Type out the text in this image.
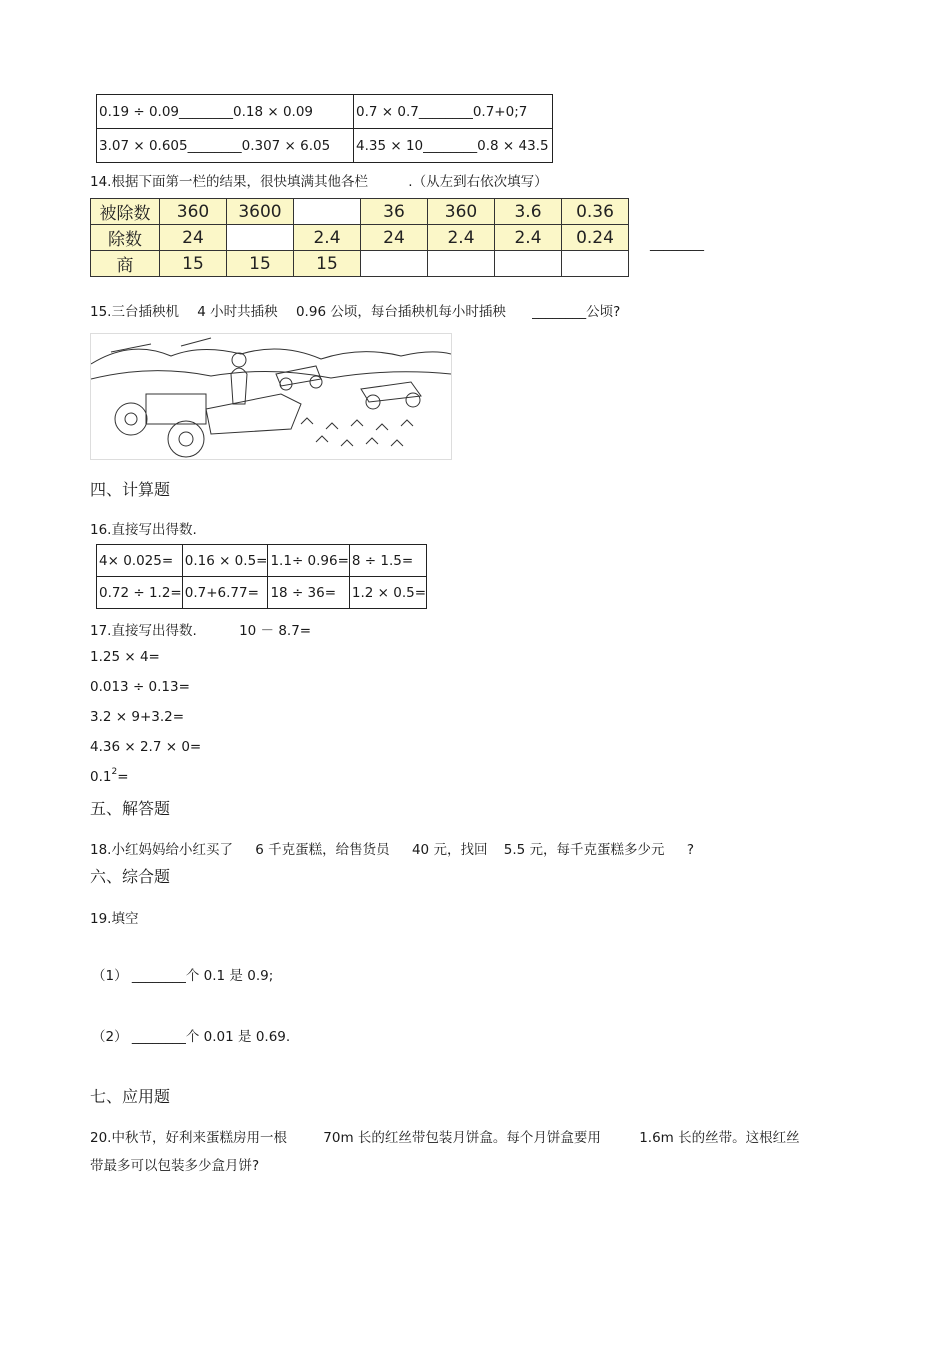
0.19 ÷ 0.09________0.18 ⨯ 0.09	0.7 × 0.7________0.7+0;7
3.07 × 0.605________0.307 ⨯ 6.05	4.35 × 10________0.8 × 43.5
14.根据下面第一栏的结果，很快填满其他各栏	.（从左到右依次填写）
被除数	360	3600		36	360	3.6	0.36
除数	24		2.4	24	2.4	2.4	0.24
商	15	15	15				
________
15.三台插秧机 4 小时共插秧 0.96 公顷，每台插秧机每小时插秧 ________公顷?
四、计算题
16.直接写出得数.
4× 0.025=	0.16 × 0.5=	1.1÷ 0.96=	8 ÷ 1.5=
0.72 ÷ 1.2=	0.7+6.77=	18 ÷ 36=	1.2 × 0.5=
17.直接写出得数.	10 － 8.7=
1.25 × 4=
0.013 ÷ 0.13=
3.2 × 9+3.2=
4.36 × 2.7 × 0=
$0.1^2=$
五、解答题
18.小红妈妈给小红买了 6 千克蛋糕，给售货员 40 元，找回 5.5 元，每千克蛋糕多少元 ?
六、综合题
19.填空
（1） ________个 0.1 是 0.9;
（2） ________个 0.01 是 0.69.
七、应用题
20.中秋节，好利来蛋糕房用一根	70m 长的红丝带包装月饼盒。每个月饼盒要用	1.6m 长的丝带。这根红丝
带最多可以包装多少盒月饼?
